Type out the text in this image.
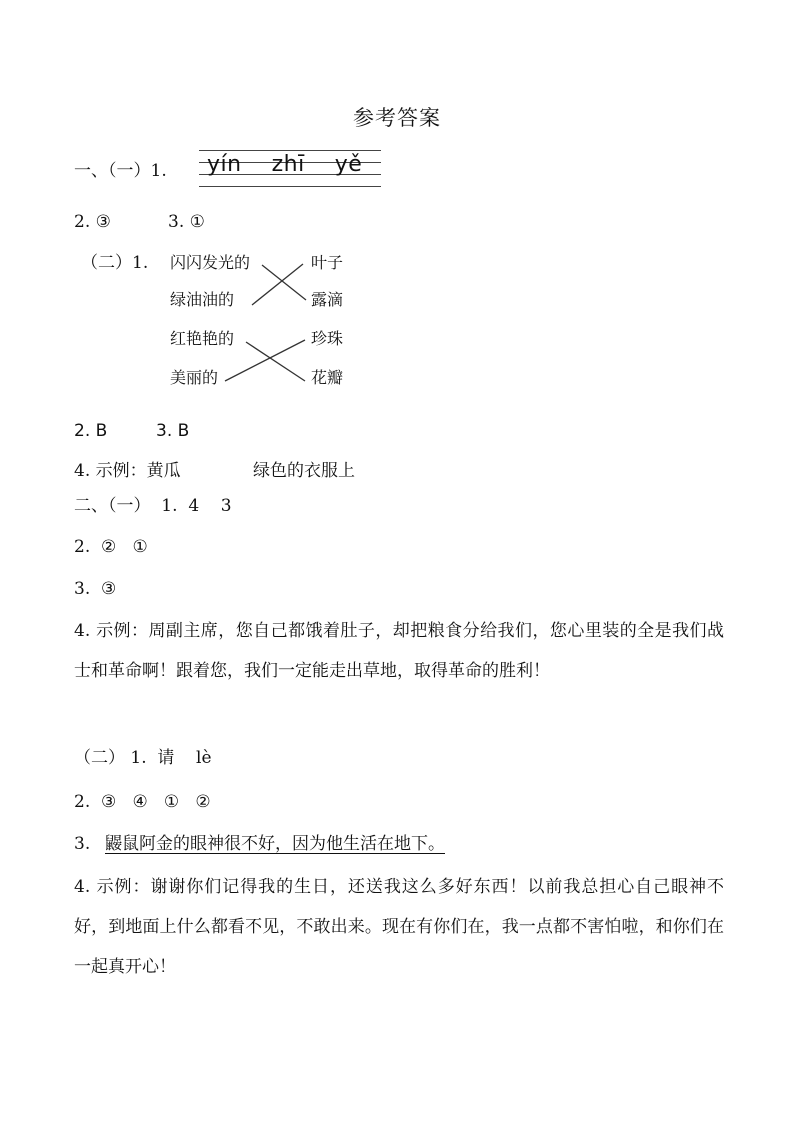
参考答案
一、（一）1. yín zhī yě
2. ③	3. ①
（二）1. 闪闪发光的
绿油油的
红艳艳的
美丽的
叶子
露滴
珍珠
花瓣
2. B	3. B
4. 示例：黄瓜	绿色的衣服上
二、（一）  1.  4    3
2.  ②   ①
3.  ③
4. 示例：周副主席，您自己都饿着肚子，却把粮食分给我们，您心里装的全是我们战士和革命啊！跟着您，我们一定能走出草地，取得革命的胜利！
（二） 1.  请    lè
2.  ③   ④   ①   ②
3. 鼹鼠阿金的眼神很不好，因为他生活在地下。
4. 示例：谢谢你们记得我的生日，还送我这么多好东西！以前我总担心自己眼神不好，到地面上什么都看不见，不敢出来。现在有你们在，我一点都不害怕啦，和你们在一起真开心！
